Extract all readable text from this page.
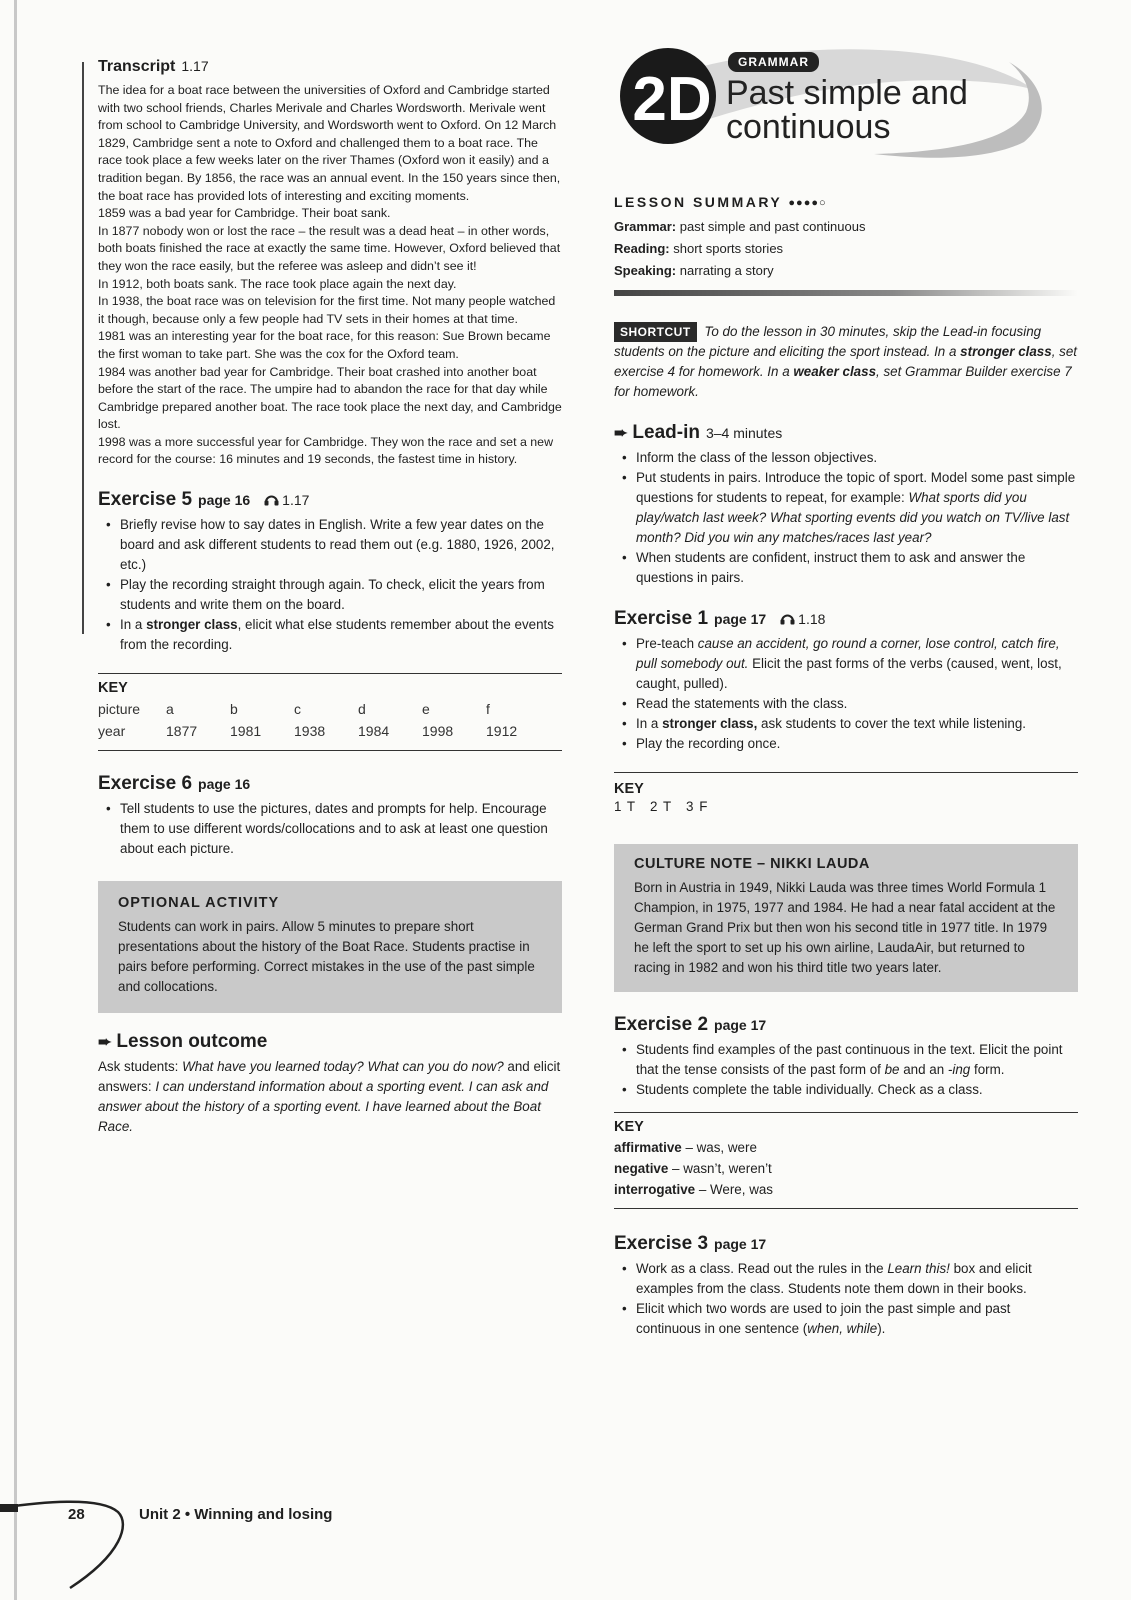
Transcript 1.17

The idea for a boat race between the universities of Oxford and Cambridge started with two school friends, Charles Merivale and Charles Wordsworth. Merivale went from school to Cambridge University, and Wordsworth went to Oxford. On 12 March 1829, Cambridge sent a note to Oxford and challenged them to a boat race. The race took place a few weeks later on the river Thames (Oxford won it easily) and a tradition began. By 1856, the race was an annual event. In the 150 years since then, the boat race has provided lots of interesting and exciting moments.

1859 was a bad year for Cambridge. Their boat sank.

In 1877 nobody won or lost the race – the result was a dead heat – in other words, both boats finished the race at exactly the same time. However, Oxford believed that they won the race easily, but the referee was asleep and didn’t see it!

In 1912, both boats sank. The race took place again the next day.

In 1938, the boat race was on television for the first time. Not many people watched it though, because only a few people had TV sets in their homes at that time.

1981 was an interesting year for the boat race, for this reason: Sue Brown became the first woman to take part. She was the cox for the Oxford team.

1984 was another bad year for Cambridge. Their boat crashed into another boat before the start of the race. The umpire had to abandon the race for that day while Cambridge prepared another boat. The race took place the next day, and Cambridge lost.

1998 was a more successful year for Cambridge. They won the race and set a new record for the course: 16 minutes and 19 seconds, the fastest time in history.

Exercise 5 page 16 1.17
• Briefly revise how to say dates in English. Write a few year dates on the board and ask different students to read them out (e.g. 1880, 1926, 2002, etc.)
• Play the recording straight through again. To check, elicit the years from students and write them on the board.
• In a stronger class, elicit what else students remember about the events from the recording.
KEY
picture	a	b	c	d	e	f
year	1877	1981	1938	1984	1998	1912
Exercise 6 page 16
• Tell students to use the pictures, dates and prompts for help. Encourage them to use different words/collocations and to ask at least one question about each picture.
OPTIONAL ACTIVITY

Students can work in pairs. Allow 5 minutes to prepare short presentations about the history of the Boat Race. Students practise in pairs before performing. Correct mistakes in the use of the past simple and collocations.

➨ Lesson outcome

Ask students: What have you learned today? What can you do now? and elicit answers: I can understand information about a sporting event. I can ask and answer about the history of a sporting event. I have learned about the Boat Race.

2D
GRAMMAR
Past simple and
continuous
LESSON SUMMARY ●●●●○

Grammar: past simple and past continuous

Reading: short sports stories

Speaking: narrating a story

SHORTCUT To do the lesson in 30 minutes, skip the Lead-in focusing students on the picture and eliciting the sport instead. In a stronger class, set exercise 4 for homework. In a weaker class, set Grammar Builder exercise 7 for homework.
➨ Lead-in 3–4 minutes
• Inform the class of the lesson objectives.
• Put students in pairs. Introduce the topic of sport. Model some past simple questions for students to repeat, for example: What sports did you play/watch last week? What sporting events did you watch on TV/live last month? Did you win any matches/races last year?
• When students are confident, instruct them to ask and answer the questions in pairs.
Exercise 1 page 17 1.18
• Pre-teach cause an accident, go round a corner, lose control, catch fire, pull somebody out. Elicit the past forms of the verbs (caused, went, lost, caught, pulled).
• Read the statements with the class.
• In a stronger class, ask students to cover the text while listening.
• Play the recording once.
KEY
1 T   2 T   3 F
CULTURE NOTE – NIKKI LAUDA

Born in Austria in 1949, Nikki Lauda was three times World Formula 1 Champion, in 1975, 1977 and 1984. He had a near fatal accident at the German Grand Prix but then won his second title in 1977 title. In 1979 he left the sport to set up his own airline, LaudaAir, but returned to racing in 1982 and won his third title two years later.

Exercise 2 page 17
• Students find examples of the past continuous in the text. Elicit the point that the tense consists of the past form of be and an -ing form.
• Students complete the table individually. Check as a class.
KEY
affirmative – was, were
negative – wasn’t, weren’t
interrogative – Were, was
Exercise 3 page 17
• Work as a class. Read out the rules in the Learn this! box and elicit examples from the class. Students note them down in their books.
• Elicit which two words are used to join the past simple and past continuous in one sentence (when, while).
28	Unit 2 • Winning and losing
